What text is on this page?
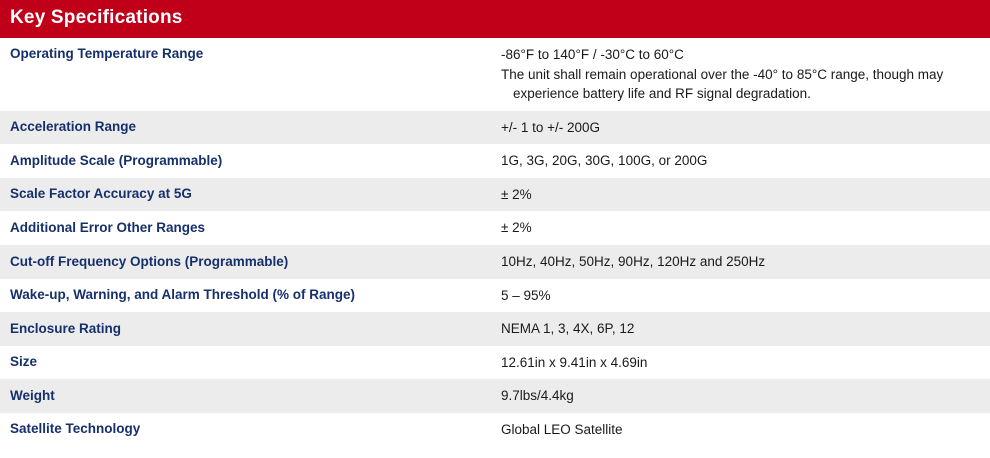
Key Specifications	
Operating Temperature Range	-86°F to 140°F / -30°C to 60°C
The unit shall remain operational over the -40° to 85°C range, though may
experience battery life and RF signal degradation.

Acceleration Range	+/- 1 to +/- 200G

Amplitude Scale (Programmable)	1G, 3G, 20G, 30G, 100G, or 200G

Scale Factor Accuracy at 5G	± 2%

Additional Error Other Ranges	± 2%

Cut-off Frequency Options (Programmable)	10Hz, 40Hz, 50Hz, 90Hz, 120Hz and 250Hz

Wake-up, Warning, and Alarm Threshold (% of Range)	5 – 95%

Enclosure Rating	NEMA 1, 3, 4X, 6P, 12

Size	12.61in x 9.41in x 4.69in

Weight	9.7lbs/4.4kg

Satellite Technology	Global LEO Satellite
